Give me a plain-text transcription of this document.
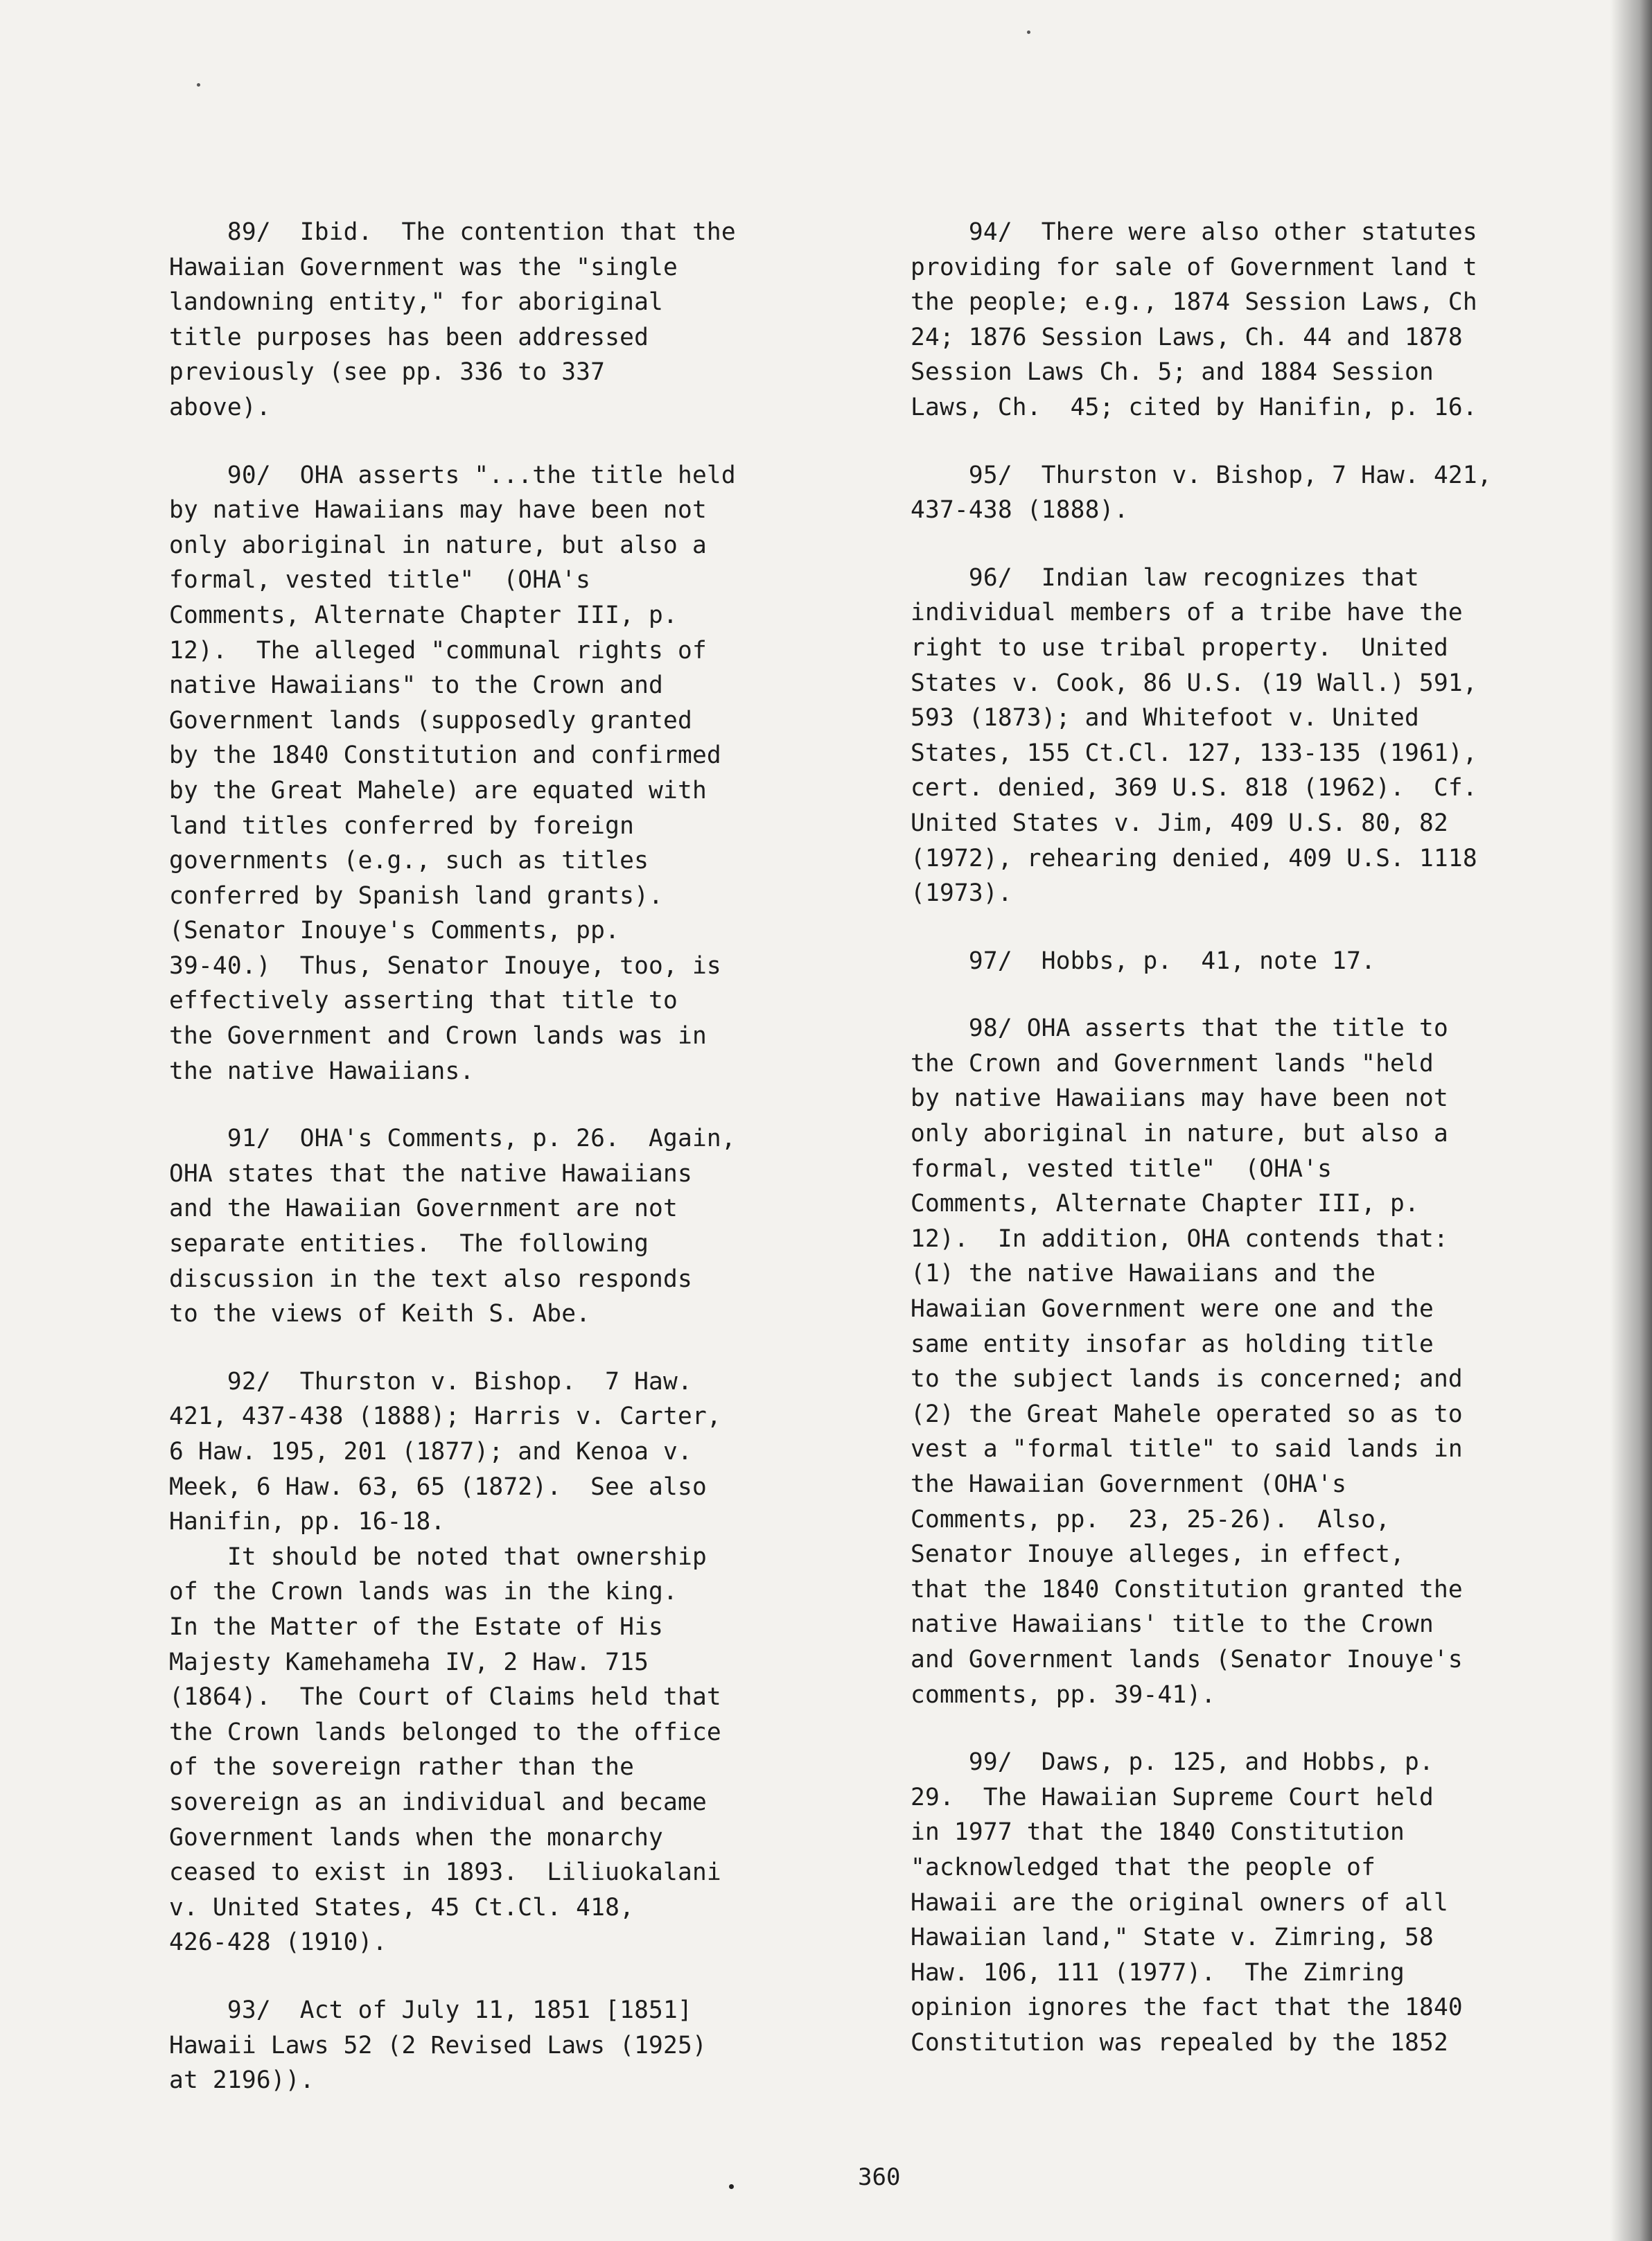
89/  Ibid.  The contention that the
Hawaiian Government was the "single
landowning entity," for aboriginal
title purposes has been addressed
previously (see pp. 336 to 337
above).
90/  OHA asserts "...the title held
by native Hawaiians may have been not
only aboriginal in nature, but also a
formal, vested title"  (OHA's
Comments, Alternate Chapter III, p.
12).  The alleged "communal rights of
native Hawaiians" to the Crown and
Government lands (supposedly granted
by the 1840 Constitution and confirmed
by the Great Mahele) are equated with
land titles conferred by foreign
governments (e.g., such as titles
conferred by Spanish land grants).
(Senator Inouye's Comments, pp.
39-40.)  Thus, Senator Inouye, too, is
effectively asserting that title to
the Government and Crown lands was in
the native Hawaiians.
91/  OHA's Comments, p. 26.  Again,
OHA states that the native Hawaiians
and the Hawaiian Government are not
separate entities.  The following
discussion in the text also responds
to the views of Keith S. Abe.
92/  Thurston v. Bishop.  7 Haw.
421, 437-438 (1888); Harris v. Carter,
6 Haw. 195, 201 (1877); and Kenoa v.
Meek, 6 Haw. 63, 65 (1872).  See also
Hanifin, pp. 16-18.
It should be noted that ownership
of the Crown lands was in the king.
In the Matter of the Estate of His
Majesty Kamehameha IV, 2 Haw. 715
(1864).  The Court of Claims held that
the Crown lands belonged to the office
of the sovereign rather than the
sovereign as an individual and became
Government lands when the monarchy
ceased to exist in 1893.  Liliuokalani
v. United States, 45 Ct.Cl. 418,
426-428 (1910).
93/  Act of July 11, 1851 [1851]
Hawaii Laws 52 (2 Revised Laws (1925)
at 2196)).
94/  There were also other statutes
providing for sale of Government land t
the people; e.g., 1874 Session Laws, Ch
24; 1876 Session Laws, Ch. 44 and 1878
Session Laws Ch. 5; and 1884 Session
Laws, Ch.  45; cited by Hanifin, p. 16.
95/  Thurston v. Bishop, 7 Haw. 421,
437-438 (1888).
96/  Indian law recognizes that
individual members of a tribe have the
right to use tribal property.  United
States v. Cook, 86 U.S. (19 Wall.) 591,
593 (1873); and Whitefoot v. United
States, 155 Ct.Cl. 127, 133-135 (1961),
cert. denied, 369 U.S. 818 (1962).  Cf.
United States v. Jim, 409 U.S. 80, 82
(1972), rehearing denied, 409 U.S. 1118
(1973).
97/  Hobbs, p.  41, note 17.
98/ OHA asserts that the title to
the Crown and Government lands "held
by native Hawaiians may have been not
only aboriginal in nature, but also a
formal, vested title"  (OHA's
Comments, Alternate Chapter III, p.
12).  In addition, OHA contends that:
(1) the native Hawaiians and the
Hawaiian Government were one and the
same entity insofar as holding title
to the subject lands is concerned; and
(2) the Great Mahele operated so as to
vest a "formal title" to said lands in
the Hawaiian Government (OHA's
Comments, pp.  23, 25-26).  Also,
Senator Inouye alleges, in effect,
that the 1840 Constitution granted the
native Hawaiians' title to the Crown
and Government lands (Senator Inouye's
comments, pp. 39-41).
99/  Daws, p. 125, and Hobbs, p.
29.  The Hawaiian Supreme Court held
in 1977 that the 1840 Constitution
"acknowledged that the people of
Hawaii are the original owners of all
Hawaiian land," State v. Zimring, 58
Haw. 106, 111 (1977).  The Zimring
opinion ignores the fact that the 1840
Constitution was repealed by the 1852
360
